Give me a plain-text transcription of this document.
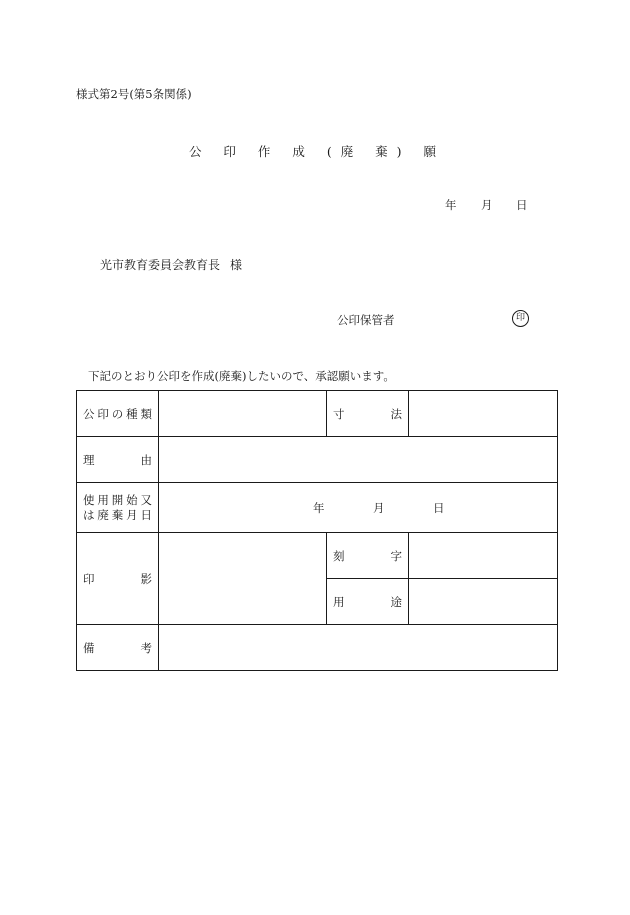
様式第2号(第5条関係)
公 印 作 成 (廃 棄) 願
年 月 日
光市教育委員会教育長 様
公印保管者	印
下記のとおり公印を作成(廃棄)したいので、承認願います。
公印の種類		寸法	
理由			

使用開始又
は廃棄月日	年 月 日		

印影		刻字	
		用途	
備考			
